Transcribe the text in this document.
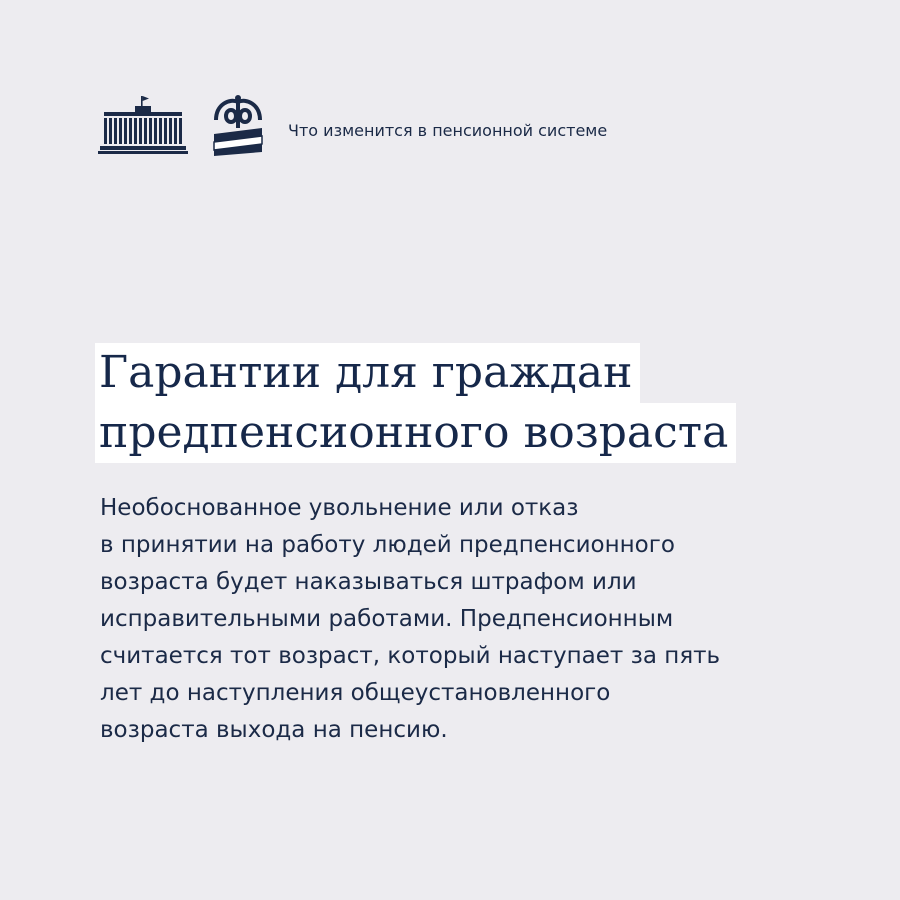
Что изменится в пенсионной системе
Гарантии для граждан
предпенсионного возраста
Необоснованное увольнение или отказ
в принятии на работу людей предпенсионного
возраста будет наказываться штрафом или
исправительными работами. Предпенсионным
считается тот возраст, который наступает за пять
лет до наступления общеустановленного
возраста выхода на пенсию.
